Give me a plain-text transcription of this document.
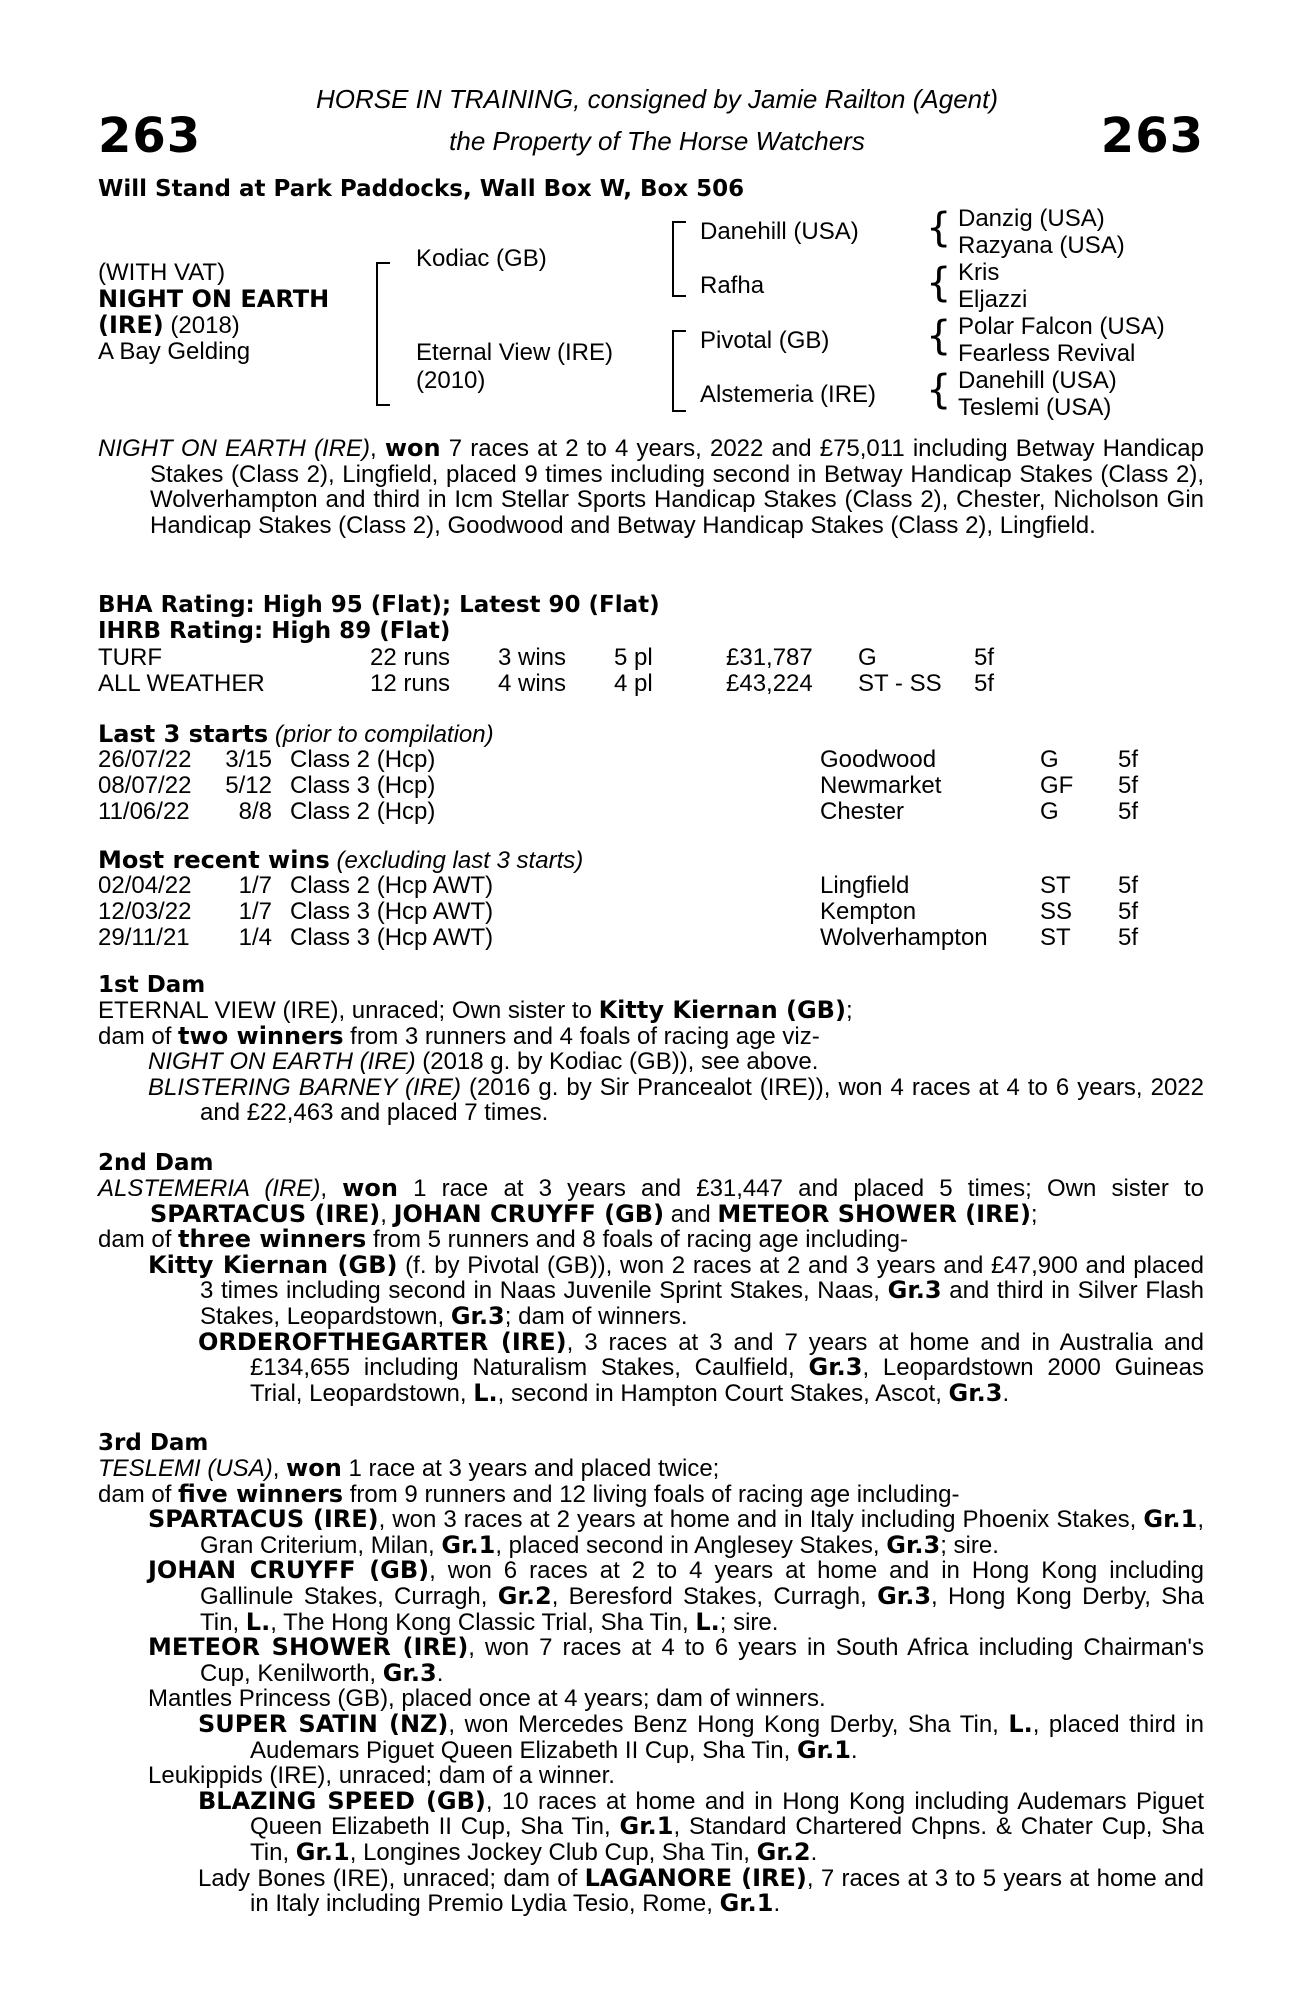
263	263
HORSE IN TRAINING, consigned by Jamie Railton (Agent)
the Property of The Horse Watchers
Will Stand at Park Paddocks, Wall Box W, Box 506
(WITH VAT)
NIGHT ON EARTH
(IRE) (2018)
A Bay Gelding
Kodiac (GB)
Eternal View (IRE)
(2010)
Danehill (USA)
Rafha
Pivotal (GB)
Alstemeria (IRE)
{
{
{
{
Danzig (USA)
Razyana (USA)
Kris
Eljazzi
Polar Falcon (USA)
Fearless Revival
Danehill (USA)
Teslemi (USA)

NIGHT ON EARTH (IRE), won 7 races at 2 to 4 years, 2022 and £75,011 including Betway Handicap Stakes (Class 2), Lingfield, placed 9 times including second in Betway Handicap Stakes (Class 2), Wolverhampton and third in Icm Stellar Sports Handicap Stakes (Class 2), Chester, Nicholson Gin Handicap Stakes (Class 2), Goodwood and Betway Handicap Stakes (Class 2), Lingfield.

BHA Rating: High 95 (Flat); Latest 90 (Flat)
IHRB Rating: High 89 (Flat)
TURF	22 runs 3 wins 5 pl	£31,787 G	5f
ALL WEATHER	12 runs 4 wins 4 pl	£43,224 ST - SS 5f
Last 3 starts (prior to compilation)
26/07/22 3/15 Class 2 (Hcp)	Goodwood	G 5f
08/07/22 5/12 Class 3 (Hcp)	Newmarket	GF 5f
11/06/22	8/8 Class 2 (Hcp)	Chester	G 5f
Most recent wins (excluding last 3 starts)
02/04/22	1/7 Class 2 (Hcp AWT)	Lingfield	ST 5f
12/03/22	1/7 Class 3 (Hcp AWT)	Kempton	SS 5f
29/11/21	1/4 Class 3 (Hcp AWT)	Wolverhampton ST 5f
1st Dam

ETERNAL VIEW (IRE), unraced; Own sister to Kitty Kiernan (GB);

dam of two winners from 3 runners and 4 foals of racing age viz-

NIGHT ON EARTH (IRE) (2018 g. by Kodiac (GB)), see above.

BLISTERING BARNEY (IRE) (2016 g. by Sir Prancealot (IRE)), won 4 races at 4 to 6 years, 2022 and £22,463 and placed 7 times.

2nd Dam

ALSTEMERIA (IRE), won 1 race at 3 years and £31,447 and placed 5 times; Own sister to SPARTACUS (IRE), JOHAN CRUYFF (GB) and METEOR SHOWER (IRE);

dam of three winners from 5 runners and 8 foals of racing age including-

Kitty Kiernan (GB) (f. by Pivotal (GB)), won 2 races at 2 and 3 years and £47,900 and placed 3 times including second in Naas Juvenile Sprint Stakes, Naas, Gr.3 and third in Silver Flash Stakes, Leopardstown, Gr.3; dam of winners.

ORDEROFTHEGARTER (IRE), 3 races at 3 and 7 years at home and in Australia and £134,655 including Naturalism Stakes, Caulfield, Gr.3, Leopardstown 2000 Guineas Trial, Leopardstown, L., second in Hampton Court Stakes, Ascot, Gr.3.

3rd Dam

TESLEMI (USA), won 1 race at 3 years and placed twice;

dam of five winners from 9 runners and 12 living foals of racing age including-

SPARTACUS (IRE), won 3 races at 2 years at home and in Italy including Phoenix Stakes, Gr.1, Gran Criterium, Milan, Gr.1, placed second in Anglesey Stakes, Gr.3; sire.

JOHAN CRUYFF (GB), won 6 races at 2 to 4 years at home and in Hong Kong including Gallinule Stakes, Curragh, Gr.2, Beresford Stakes, Curragh, Gr.3, Hong Kong Derby, Sha Tin, L., The Hong Kong Classic Trial, Sha Tin, L.; sire.

METEOR SHOWER (IRE), won 7 races at 4 to 6 years in South Africa including Chairman's Cup, Kenilworth, Gr.3.

Mantles Princess (GB), placed once at 4 years; dam of winners.

SUPER SATIN (NZ), won Mercedes Benz Hong Kong Derby, Sha Tin, L., placed third in Audemars Piguet Queen Elizabeth II Cup, Sha Tin, Gr.1.

Leukippids (IRE), unraced; dam of a winner.

BLAZING SPEED (GB), 10 races at home and in Hong Kong including Audemars Piguet Queen Elizabeth II Cup, Sha Tin, Gr.1, Standard Chartered Chpns. & Chater Cup, Sha Tin, Gr.1, Longines Jockey Club Cup, Sha Tin, Gr.2.

Lady Bones (IRE), unraced; dam of LAGANORE (IRE), 7 races at 3 to 5 years at home and in Italy including Premio Lydia Tesio, Rome, Gr.1.
